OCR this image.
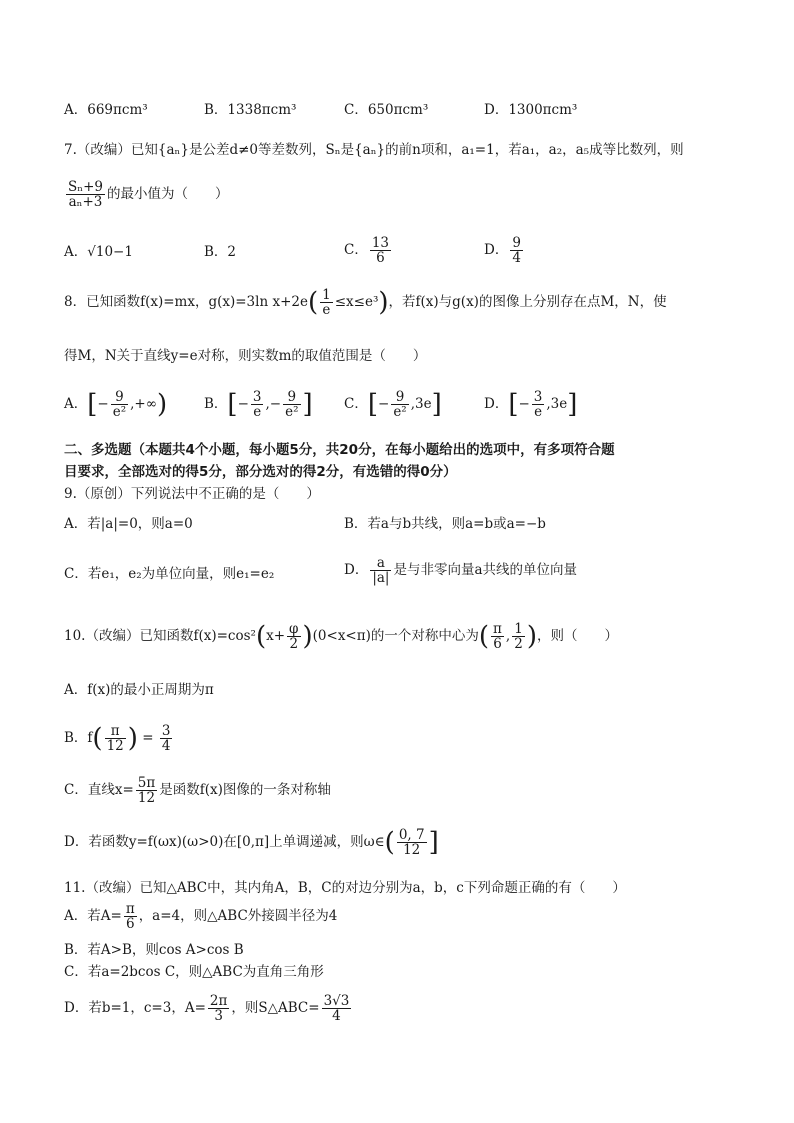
A．669πcm³	B．1338πcm³	C．650πcm³	D．1300πcm³
7.（改编）已知{aₙ}是公差d≠0等差数列，Sₙ是{aₙ}的前n项和，a₁=1，若a₁，a₂，a₅成等比数列，则
$\frac{\text{Sₙ+9}}{\text{aₙ+3}}$ 的最小值为（　　）
A．√10−1	B．2	C． $\frac{13}{6}$	D． $\frac{9}{4}$
8．已知函数f(x)=mx，g(x)=3ln $x+2e( \frac{1}{e} \le x\le e^3)$，若f(x)与g(x)的图像上分别存在点M，N，使
得M，N关于直线y=e对称，则实数m的取值范围是（　　）
A．[− $\frac{9}{\text{e²}}$ ,+∞)	B．[− $\frac{3}{e}$ ,− $\frac{9}{\text{e²}}$ ] C．[− $\frac{9}{\text{e²}} ,3e$]	D．[− $\frac{3}{e} ,3e$]
二、多选题（本题共4个小题，每小题5分，共20分，在每小题给出的选项中，有多项符合题
目要求，全部选对的得5分，部分选对的得2分，有选错的得0分）
9.（原创）下列说法中不正确的是（　　）
A．若|a|=0，则a=0	B．若a与b共线，则a=b或a=−b
C．若e₁，e₂为单位向量，则e₁=e₂	D． $\frac{a}{|a|}$ 是与非零向量a共线的单位向量
10.（改编）已知函数$f(x)=\cos^2(x+ \frac{\varphi}{2} )(0<x<\pi)$的一个对称中心为( $\frac{\pi}{6}$ , $\frac{1}{2}$ )，则（　　）
A．f(x)的最小正周期为π
B．$f( \frac{\pi}{12}$ ) = $\frac{3}{4}$
C．直线$x= \frac{5\pi}{12}$ 是函数f(x)图像的一条对称轴
D．若函数y=f(ωx)(ω>0)在[0,π]上单调递减，则ω∈( $\frac{0, 7}{12}$ ]
11.（改编）已知△ABC中，其内角A，B，C的对边分别为a，b，c下列命题正确的有（　　）
A．若$A= \frac{\pi}{6}$ ，a=4，则△ABC外接圆半径为4
B．若A>B，则cos A>cos B
C．若a=2bcos C，则△ABC为直角三角形
D．若b=1，c=3，$A= \frac{2\pi}{3}$ ，则S△ABC= $\frac{3√3}{4}$
